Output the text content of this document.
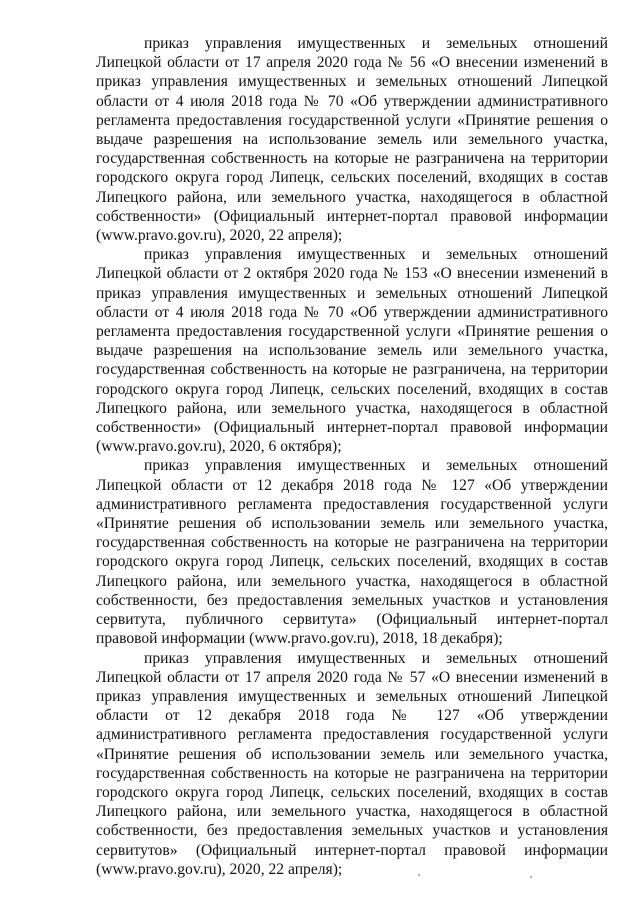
приказ управления имущественных и земельных отношений Липецкой области от 17 апреля 2020 года № 56 «О внесении изменений в приказ управления имущественных и земельных отношений Липецкой области от 4 июля 2018 года № 70 «Об утверждении административного регламента предоставления государственной услуги «Принятие решения о выдаче разрешения на использование земель или земельного участка, государственная собственность на которые не разграничена на территории городского округа город Липецк, сельских поселений, входящих в состав Липецкого района, или земельного участка, находящегося в областной собственности» (Официальный интернет-портал правовой информации (www.pravo.gov.ru), 2020, 22 апреля);

приказ управления имущественных и земельных отношений Липецкой области от 2 октября 2020 года № 153 «О внесении изменений в приказ управления имущественных и земельных отношений Липецкой области от 4 июля 2018 года № 70 «Об утверждении административного регламента предоставления государственной услуги «Принятие решения о выдаче разрешения на использование земель или земельного участка, государственная собственность на которые не разграничена, на территории городского округа город Липецк, сельских поселений, входящих в состав Липецкого района, или земельного участка, находящегося в областной собственности» (Официальный интернет-портал правовой информации (www.pravo.gov.ru), 2020, 6 октября);

приказ управления имущественных и земельных отношений Липецкой области от 12 декабря 2018 года № 127 «Об утверждении административного регламента предоставления государственной услуги «Принятие решения об использовании земель или земельного участка, государственная собственность на которые не разграничена на территории городского округа город Липецк, сельских поселений, входящих в состав Липецкого района, или земельного участка, находящегося в областной собственности, без предоставления земельных участков и установления сервитута, публичного сервитута» (Официальный интернет-портал правовой информации (www.pravo.gov.ru), 2018, 18 декабря);

приказ управления имущественных и земельных отношений Липецкой области от 17 апреля 2020 года № 57 «О внесении изменений в приказ управления имущественных и земельных отношений Липецкой области от 12 декабря 2018 года № 127 «Об утверждении административного регламента предоставления государственной услуги «Принятие решения об использовании земель или земельного участка, государственная собственность на которые не разграничена на территории городского округа город Липецк, сельских поселений, входящих в состав Липецкого района, или земельного участка, находящегося в областной собственности, без предоставления земельных участков и установления сервитутов» (Официальный интернет-портал правовой информации (www.pravo.gov.ru), 2020, 22 апреля);
